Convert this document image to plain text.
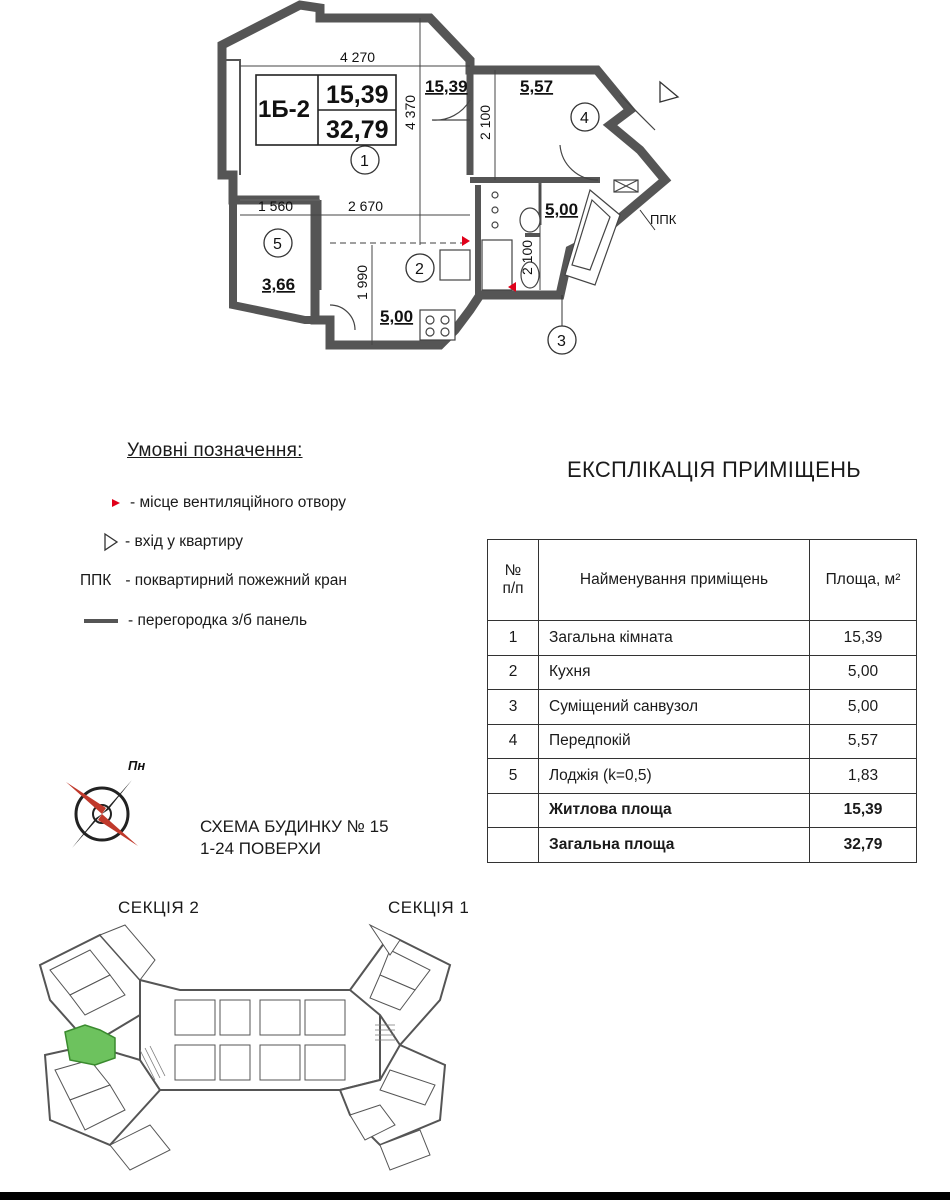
1Б-2
15,39
32,79
4 270
1 560	2 670
4 370	2 100
2 100
1 990
15,39	5,57
5,00
3,66
5,00
ППК
1
2
4
5
3
Умовні позначення:
- місце вентиляційного отвору
- вхід у квартиру
ППК - поквартирний пожежний кран
- перегородка з/б панель
ЕКСПЛІКАЦІЯ ПРИМІЩЕНЬ
№ п/п	Найменування приміщень	Площа, м²
1	Загальна кімната	15,39
2	Кухня	5,00
3	Суміщений санвузол	5,00
4	Передпокій	5,57
5	Лоджія (k=0,5)	1,83
	Житлова площа	15,39
	Загальна площа	32,79
Пн
СХЕМА БУДИНКУ № 15
1-24 ПОВЕРХИ
СЕКЦІЯ 2	СЕКЦІЯ 1
